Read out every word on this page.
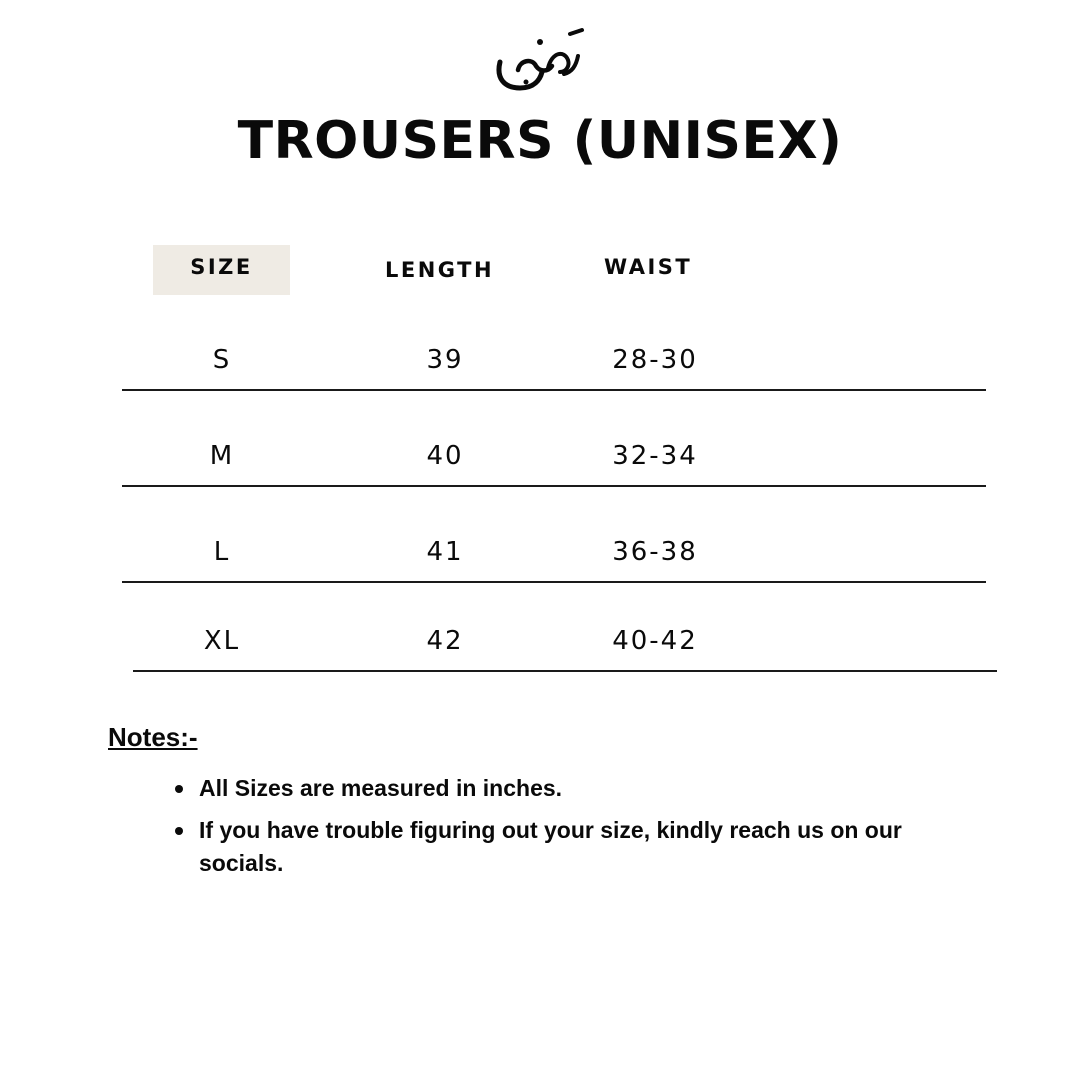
TROUSERS (UNISEX)
SIZE	LENGTH	WAIST
S	39	28-30
M	40	32-34
L	41	36-38
XL	42	40-42
Notes:-
All Sizes are measured in inches.
If you have trouble figuring out your size, kindly reach us on our socials.
